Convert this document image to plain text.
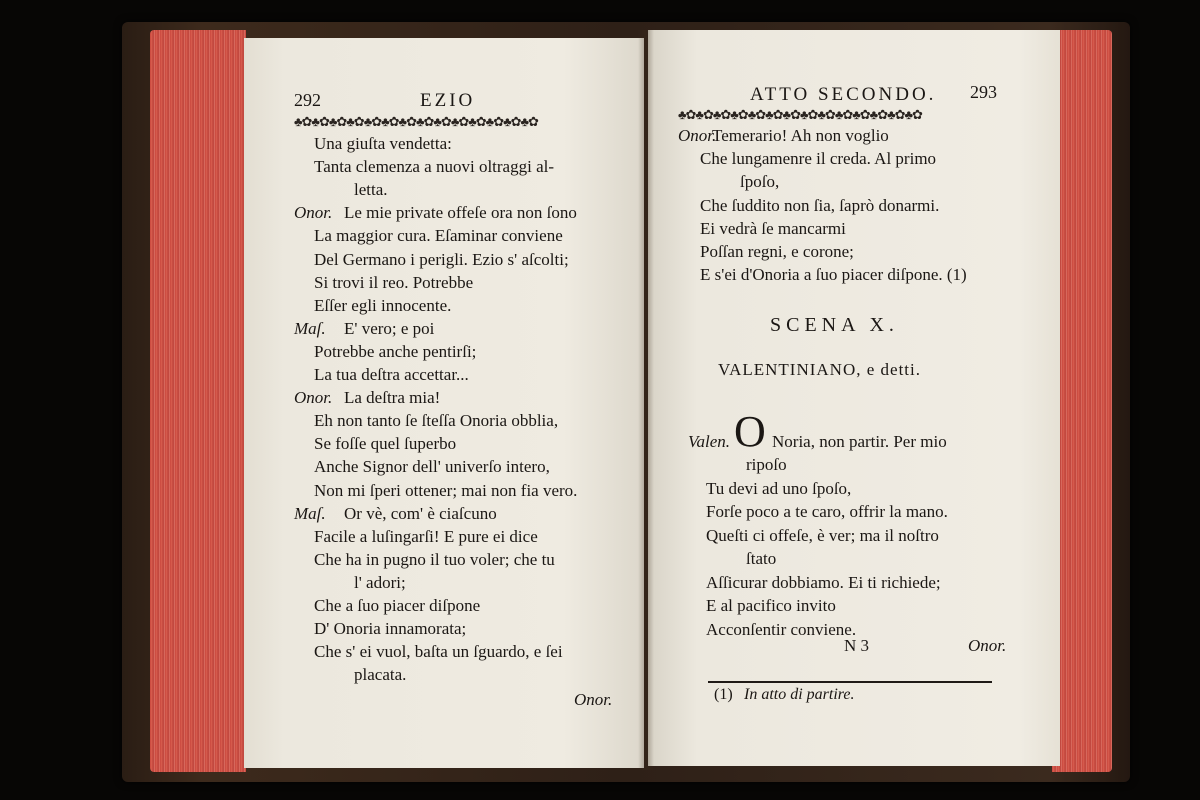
292	EZIO
♣✿♣✿♣✿♣✿♣✿♣✿♣✿♣✿♣✿♣✿♣✿♣✿♣✿♣✿
Una giuſta vendetta:
Tanta clemenza a nuovi oltraggi al-
letta.
Onor. Le mie private offeſe ora non ſono
La maggior cura. Eſaminar conviene
Del Germano i perigli. Ezio s' aſcolti;
Si trovi il reo. Potrebbe
Eſſer egli innocente.
Maſ. E' vero; e poi
Potrebbe anche pentirſi;
La tua deſtra accettar...
Onor. La deſtra mia!
Eh non tanto ſe ſteſſa Onoria obblia,
Se foſſe quel ſuperbo
Anche Signor dell' univerſo intero,
Non mi ſperi ottener; mai non fia vero.
Maſ. Or vè, com' è ciaſcuno
Facile a luſingarſi! E pure ei dice
Che ha in pugno il tuo voler; che tu
l' adori;
Che a ſuo piacer diſpone
D' Onoria innamorata;
Che s' ei vuol, baſta un ſguardo, e ſei
placata.
Onor.
ATTO SECONDO. 293
♣✿♣✿♣✿♣✿♣✿♣✿♣✿♣✿♣✿♣✿♣✿♣✿♣✿♣✿
Onor.
Temerario! Ah non voglio
Che lungamenre il creda. Al primo
ſpoſo,
Che ſuddito non ſia, ſaprò donarmi.
Ei vedrà ſe mancarmi
Poſſan regni, e corone;
E s'ei d'Onoria a ſuo piacer diſpone. (1)
SCENA X.
VALENTINIANO, e detti.
Valen. O Noria, non partir. Per mio
ripoſo
Tu devi ad uno ſpoſo,
Forſe poco a te caro, offrir la mano.
Queſti ci offeſe, è ver; ma il noſtro
ſtato
Aſſicurar dobbiamo. Ei ti richiede;
E al pacifico invito
Acconſentir conviene.
N 3	Onor.
(1) In atto di partire.
